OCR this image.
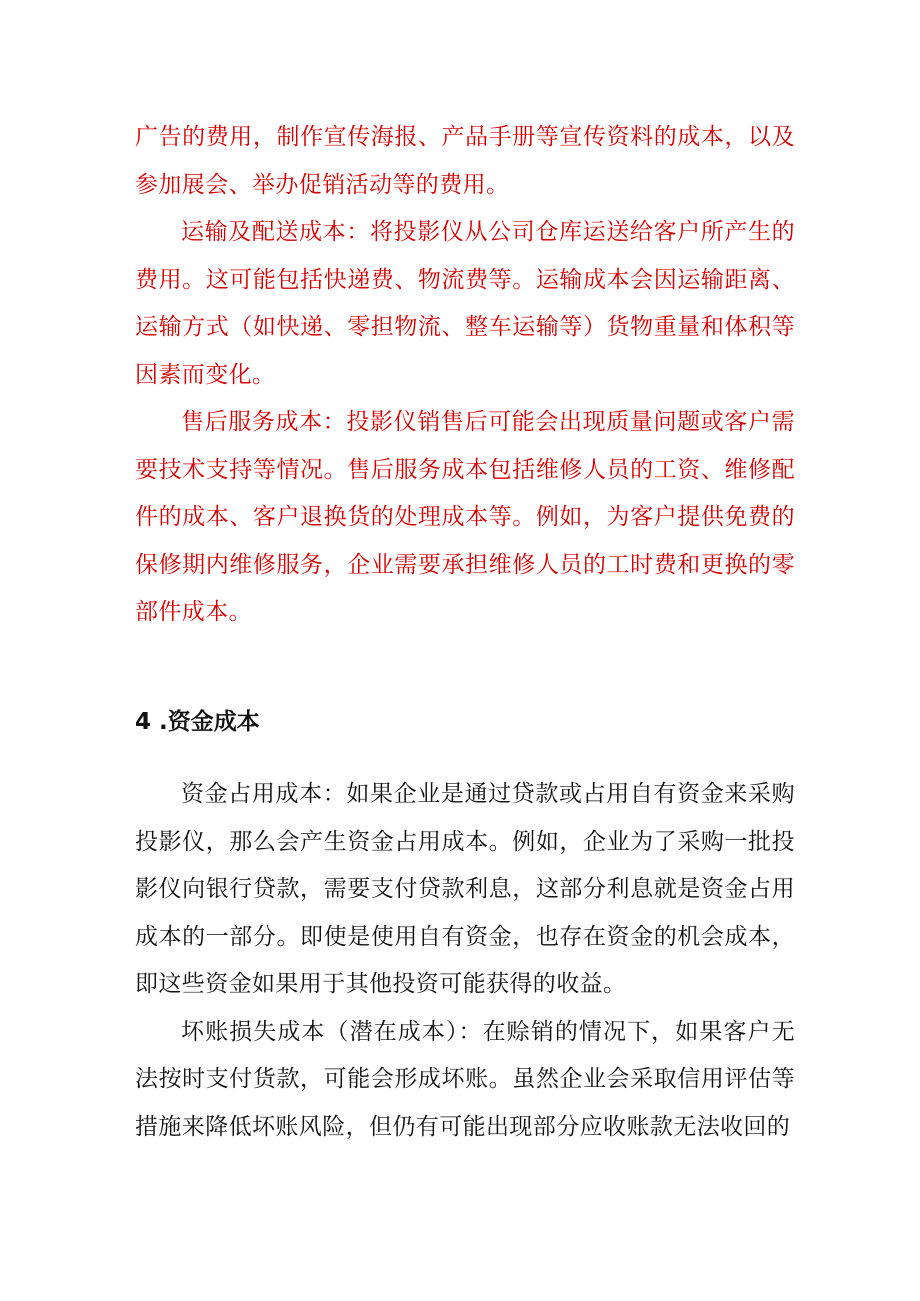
广告的费用，制作宣传海报、产品手册等宣传资料的成本，以及参加展会、举办促销活动等的费用。

运输及配送成本：将投影仪从公司仓库运送给客户所产生的费用。这可能包括快递费、物流费等。运输成本会因运输距离、运输方式（如快递、零担物流、整车运输等）货物重量和体积等因素而变化。

售后服务成本：投影仪销售后可能会出现质量问题或客户需要技术支持等情况。售后服务成本包括维修人员的工资、维修配件的成本、客户退换货的处理成本等。例如，为客户提供免费的保修期内维修服务，企业需要承担维修人员的工时费和更换的零部件成本。

4 .资金成本

资金占用成本：如果企业是通过贷款或占用自有资金来采购投影仪，那么会产生资金占用成本。例如，企业为了采购一批投影仪向银行贷款，需要支付贷款利息，这部分利息就是资金占用成本的一部分。即使是使用自有资金，也存在资金的机会成本，即这些资金如果用于其他投资可能获得的收益。

坏账损失成本（潜在成本）：在赊销的情况下，如果客户无法按时支付货款，可能会形成坏账。虽然企业会采取信用评估等措施来降低坏账风险，但仍有可能出现部分应收账款无法收回的
